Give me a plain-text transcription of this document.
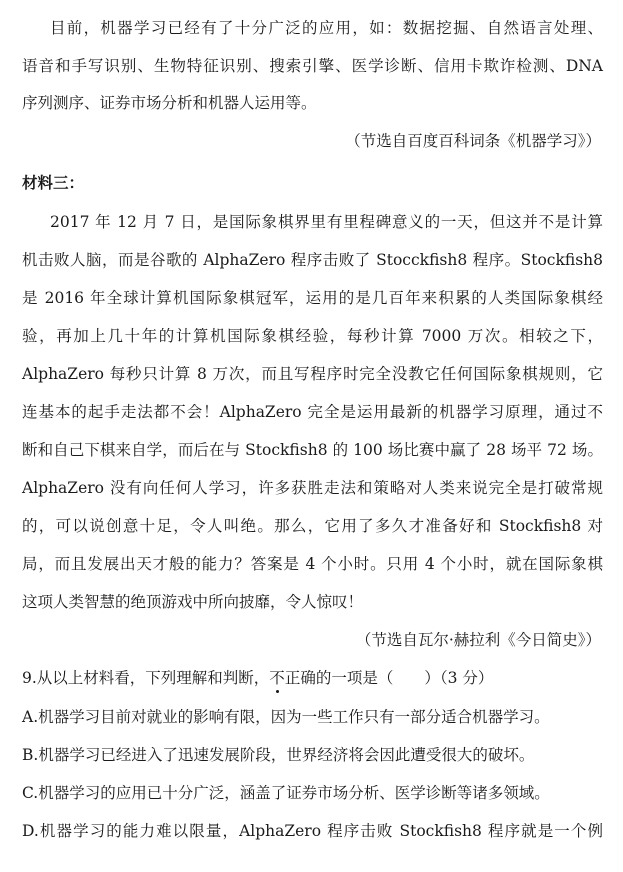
目前，机器学习已经有了十分广泛的应用，如：数据挖掘、自然语言处理、
语音和手写识别、生物特征识别、搜索引擎、医学诊断、信用卡欺诈检测、DNA
序列测序、证券市场分析和机器人运用等。
（节选自百度百科词条《机器学习》）
材料三：
2017 年 12 月 7 日，是国际象棋界里有里程碑意义的一天，但这并不是计算
机击败人脑，而是谷歌的 AlphaZero 程序击败了 Stocckfish8 程序。Stockfish8
是 2016 年全球计算机国际象棋冠军，运用的是几百年来积累的人类国际象棋经
验，再加上几十年的计算机国际象棋经验，每秒计算 7000 万次。相较之下，
AlphaZero 每秒只计算 8 万次，而且写程序时完全没教它任何国际象棋规则，它
连基本的起手走法都不会！AlphaZero 完全是运用最新的机器学习原理，通过不
断和自己下棋来自学，而后在与 Stockfish8 的 100 场比赛中赢了 28 场平 72 场。
AlphaZero 没有向任何人学习，许多获胜走法和策略对人类来说完全是打破常规
的，可以说创意十足，令人叫绝。那么，它用了多久才准备好和 Stockfish8 对
局，而且发展出天才般的能力？答案是 4 个小时。只用 4 个小时，就在国际象棋
这项人类智慧的绝顶游戏中所向披靡，令人惊叹！
（节选自瓦尔·赫拉利《今日简史》）
9.从以上材料看，下列理解和判断，不正确的一项是（　　 ）（3 分）
A.机器学习目前对就业的影响有限，因为一些工作只有一部分适合机器学习。
B.机器学习已经进入了迅速发展阶段，世界经济将会因此遭受很大的破坏。
C.机器学习的应用已十分广泛，涵盖了证券市场分析、医学诊断等诸多领域。
D.机器学习的能力难以限量，AlphaZero 程序击败 Stockfish8 程序就是一个例
